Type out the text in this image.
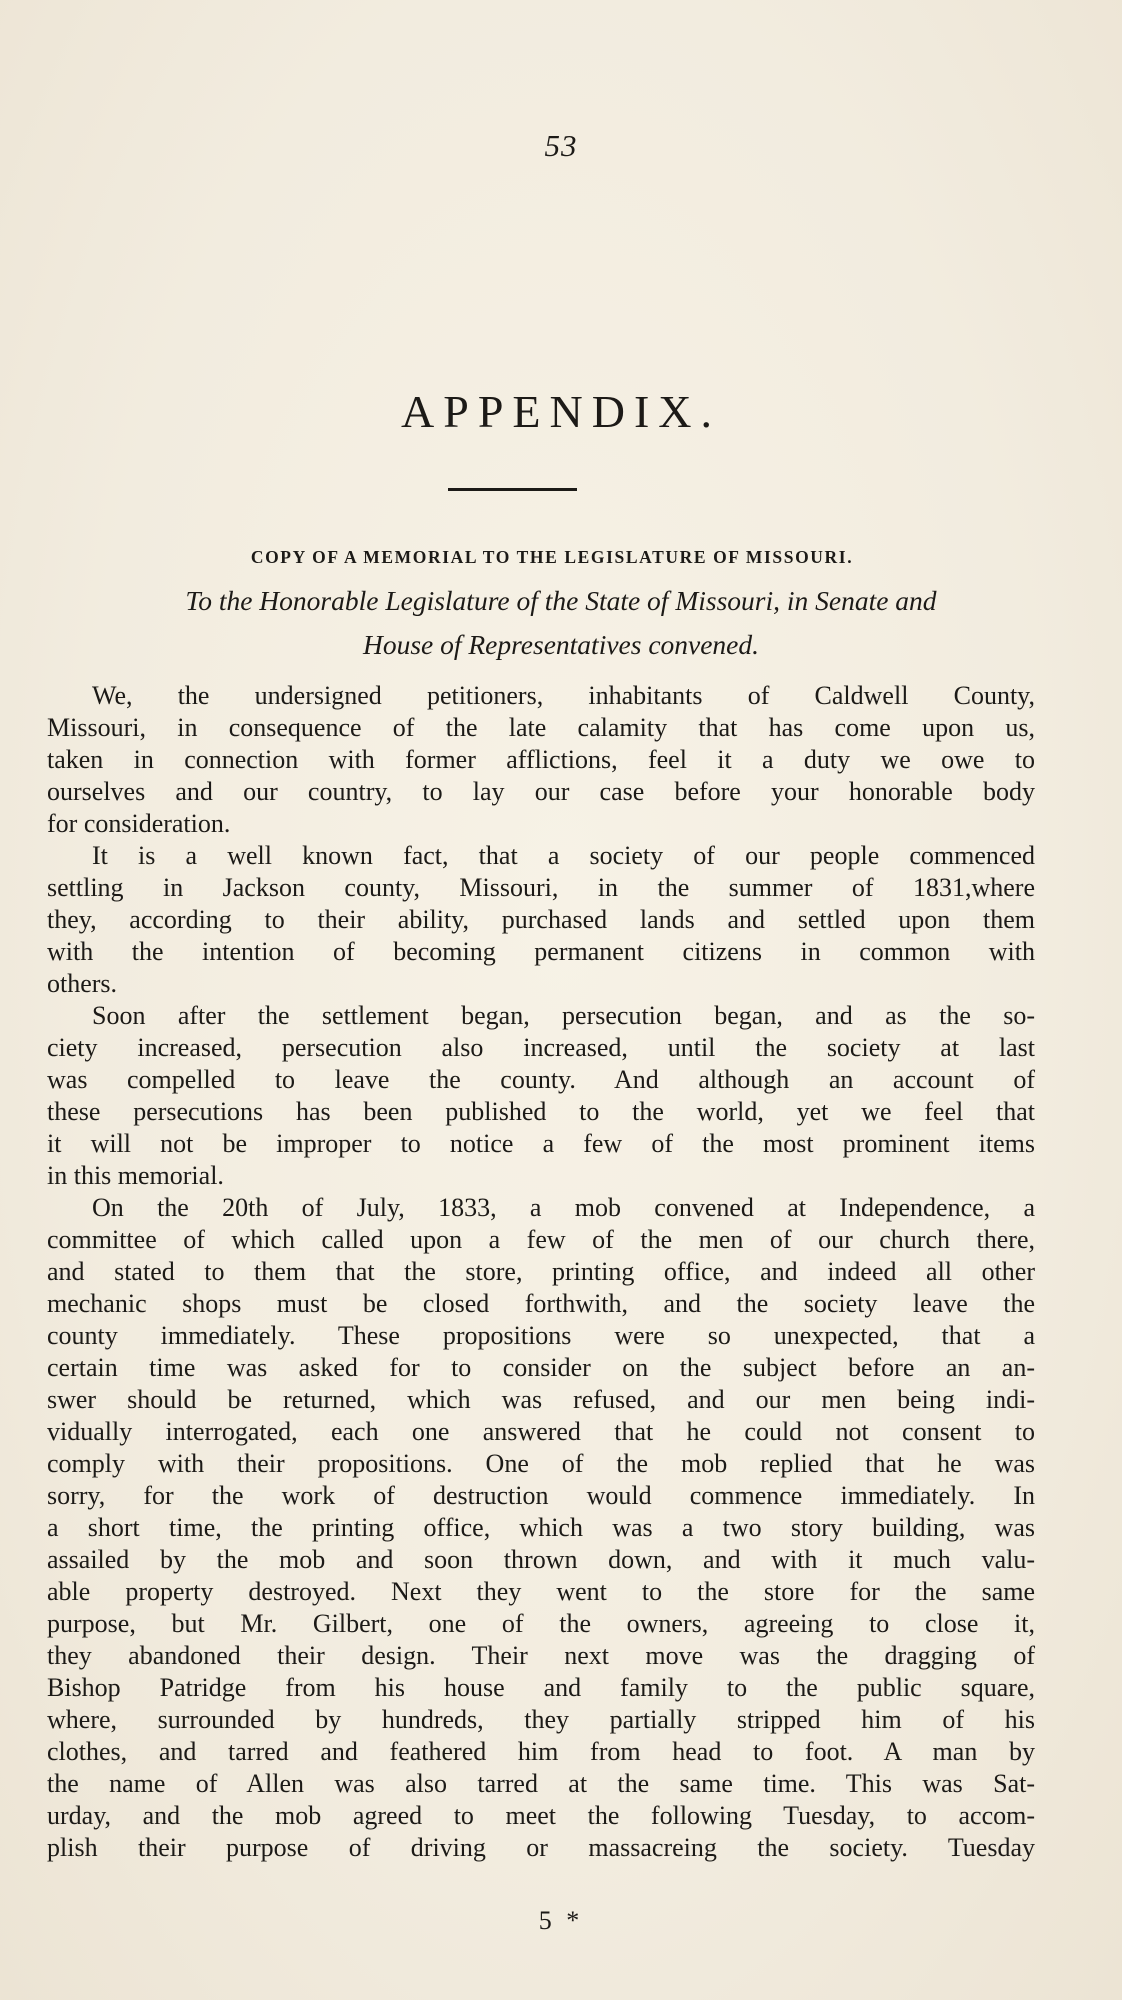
53
APPENDIX.
COPY OF A MEMORIAL TO THE LEGISLATURE OF MISSOURI.
To the Honorable Legislature of the State of Missouri, in Senate and
House of Representatives convened.
We, the undersigned petitioners, inhabitants of Caldwell County,
Missouri, in consequence of the late calamity that has come upon us,
taken in connection with former afflictions, feel it a duty we owe to
ourselves and our country, to lay our case before your honorable body
for consideration.
It is a well known fact, that a society of our people commenced
settling in Jackson county, Missouri, in the summer of 1831,where
they, according to their ability, purchased lands and settled upon them
with the intention of becoming permanent citizens in common with
others.
Soon after the settlement began, persecution began, and as the so-
ciety increased, persecution also increased, until the society at last
was compelled to leave the county. And although an account of
these persecutions has been published to the world, yet we feel that
it will not be improper to notice a few of the most prominent items
in this memorial.
On the 20th of July, 1833, a mob convened at Independence, a
committee of which called upon a few of the men of our church there,
and stated to them that the store, printing office, and indeed all other
mechanic shops must be closed forthwith, and the society leave the
county immediately. These propositions were so unexpected, that a
certain time was asked for to consider on the subject before an an-
swer should be returned, which was refused, and our men being indi-
vidually interrogated, each one answered that he could not consent to
comply with their propositions. One of the mob replied that he was
sorry, for the work of destruction would commence immediately. In
a short time, the printing office, which was a two story building, was
assailed by the mob and soon thrown down, and with it much valu-
able property destroyed. Next they went to the store for the same
purpose, but Mr. Gilbert, one of the owners, agreeing to close it,
they abandoned their design. Their next move was the dragging of
Bishop Patridge from his house and family to the public square,
where, surrounded by hundreds, they partially stripped him of his
clothes, and tarred and feathered him from head to foot. A man by
the name of Allen was also tarred at the same time. This was Sat-
urday, and the mob agreed to meet the following Tuesday, to accom-
plish their purpose of driving or massacreing the society. Tuesday
5 *
